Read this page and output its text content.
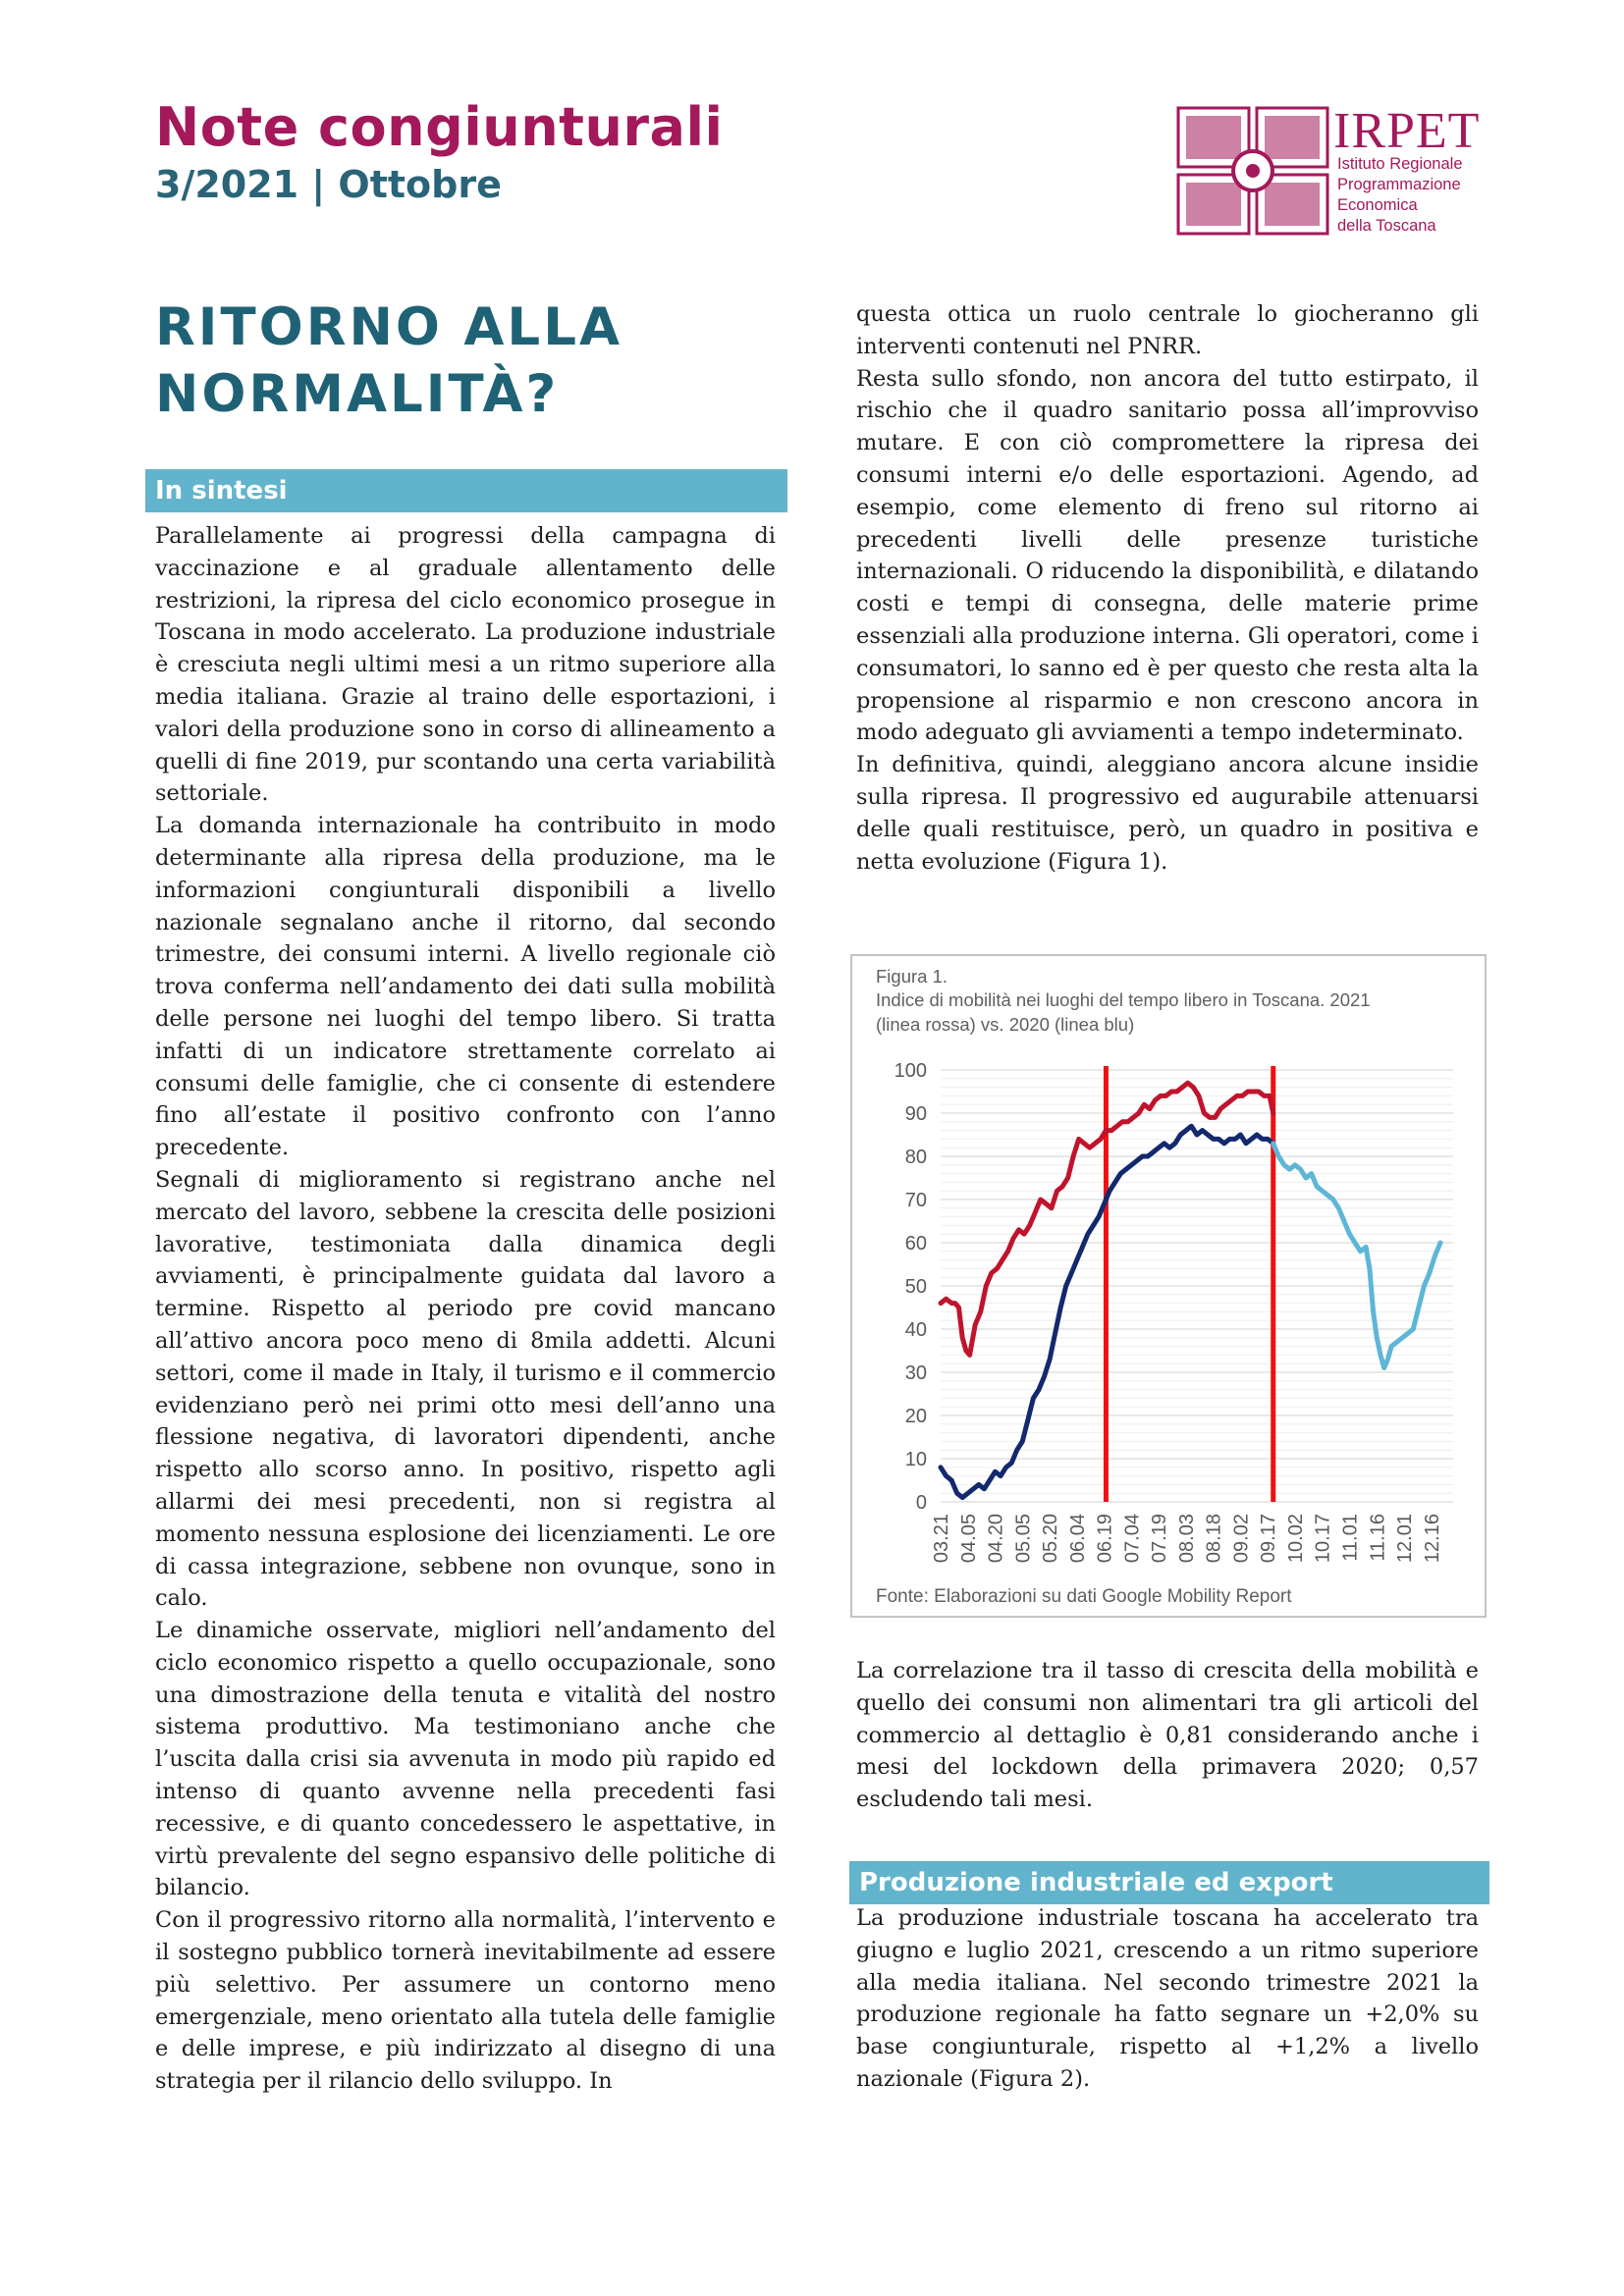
Note congiunturali
3/2021 | Ottobre
IRPET
Istituto Regionale
Programmazione
Economica
della Toscana
RITORNO ALLA
NORMALITÀ?
In sintesi

Parallelamente ai progressi della campagna di vaccinazione e al graduale allentamento delle restrizioni, la ripresa del ciclo economico prosegue in Toscana in modo accelerato. La produzione industriale è cresciuta negli ultimi mesi a un ritmo superiore alla media italiana. Grazie al traino delle esportazioni, i valori della produzione sono in corso di allineamento a quelli di fine 2019, pur scontando una certa variabilità settoriale.

La domanda internazionale ha contribuito in modo determinante alla ripresa della produzione, ma le informazioni congiunturali disponibili a livello nazionale segnalano anche il ritorno, dal secondo trimestre, dei consumi interni. A livello regionale ciò trova conferma nell’andamento dei dati sulla mobilità delle persone nei luoghi del tempo libero. Si tratta infatti di un indicatore strettamente correlato ai consumi delle famiglie, che ci consente di estendere fino all’estate il positivo confronto con l’anno precedente.

Segnali di miglioramento si registrano anche nel mercato del lavoro, sebbene la crescita delle posizioni lavorative, testimoniata dalla dinamica degli avviamenti, è principalmente guidata dal lavoro a termine. Rispetto al periodo pre covid mancano all’attivo ancora poco meno di 8mila addetti. Alcuni settori, come il made in Italy, il turismo e il commercio evidenziano però nei primi otto mesi dell’anno una flessione negativa, di lavoratori dipendenti, anche rispetto allo scorso anno. In positivo, rispetto agli allarmi dei mesi precedenti, non si registra al momento nessuna esplosione dei licenziamenti. Le ore di cassa integrazione, sebbene non ovunque, sono in calo.

Le dinamiche osservate, migliori nell’andamento del ciclo economico rispetto a quello occupazionale, sono una dimostrazione della tenuta e vitalità del nostro sistema produttivo. Ma testimoniano anche che l’uscita dalla crisi sia avvenuta in modo più rapido ed intenso di quanto avvenne nella precedenti fasi recessive, e di quanto concedessero le aspettative, in virtù prevalente del segno espansivo delle politiche di bilancio.

Con il progressivo ritorno alla normalità, l’intervento e il sostegno pubblico tornerà inevitabilmente ad essere più selettivo. Per assumere un contorno meno emergenziale, meno orientato alla tutela delle famiglie e delle imprese, e più indirizzato al disegno di una strategia per il rilancio dello sviluppo. In

questa ottica un ruolo centrale lo giocheranno gli interventi contenuti nel PNRR.

Resta sullo sfondo, non ancora del tutto estirpato, il rischio che il quadro sanitario possa all’improvviso mutare. E con ciò compromettere la ripresa dei consumi interni e/o delle esportazioni. Agendo, ad esempio, come elemento di freno sul ritorno ai precedenti livelli delle presenze turistiche internazionali. O riducendo la disponibilità, e dilatando costi e tempi di consegna, delle materie prime essenziali alla produzione interna. Gli operatori, come i consumatori, lo sanno ed è per questo che resta alta la propensione al risparmio e non crescono ancora in modo adeguato gli avviamenti a tempo indeterminato.

In definitiva, quindi, aleggiano ancora alcune insidie sulla ripresa. Il progressivo ed augurabile attenuarsi delle quali restituisce, però, un quadro in positiva e netta evoluzione (Figura 1).

Figura 1.
Indice di mobilità nei luoghi del tempo libero in Toscana. 2021
(linea rossa) vs. 2020 (linea blu)
0
10
20
30
40
50
60
70
80
90
100
03.21 04.05 04.20 05.05 05.20 06.04 06.19 07.04 07.19 08.03 08.18 09.02 09.17 10.02 10.17 11.01 11.16 12.01 12.16
Fonte: Elaborazioni su dati Google Mobility Report

La correlazione tra il tasso di crescita della mobilità e quello dei consumi non alimentari tra gli articoli del commercio al dettaglio è 0,81 considerando anche i mesi del lockdown della primavera 2020; 0,57 escludendo tali mesi.

Produzione industriale ed export

La produzione industriale toscana ha accelerato tra giugno e luglio 2021, crescendo a un ritmo superiore alla media italiana. Nel secondo trimestre 2021 la produzione regionale ha fatto segnare un +2,0% su base congiunturale, rispetto al +1,2% a livello nazionale (Figura 2).
